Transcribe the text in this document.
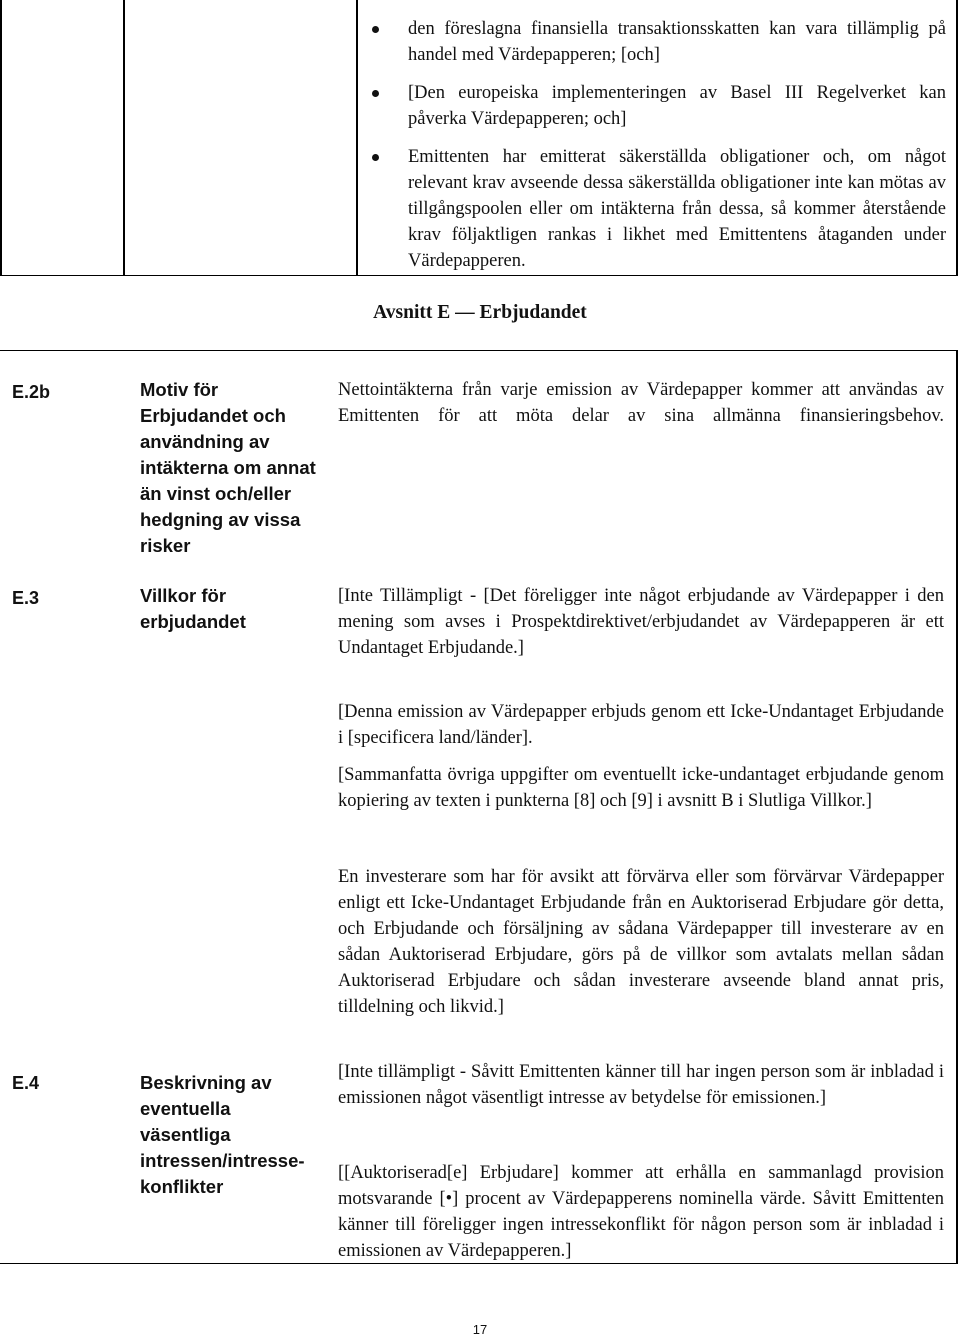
den föreslagna finansiella transaktionsskatten kan vara tillämplig på handel med Värdepapperen; [och]
[Den europeiska implementeringen av Basel III Regelverket kan påverka Värdepapperen; och]
Emittenten har emitterat säkerställda obligationer och, om något relevant krav avseende dessa säkerställda obligationer inte kan mötas av tillgångspoolen eller om intäkterna från dessa, så kommer återstående krav följaktligen rankas i likhet med Emittentens åtaganden under Värdepapperen.
Avsnitt E — Erbjudandet
E.2b	Motiv för Erbjudandet och användning av intäkterna om annat än vinst och/eller hedgning av vissa risker
Nettointäkterna från varje emission av Värdepapper kommer att användas av Emittenten för att möta delar av sina allmänna finansieringsbehov.
E.3	Villkor för erbjudandet
[Inte Tillämpligt - [Det föreligger inte något erbjudande av Värdepapper i den mening som avses i Prospektdirektivet/erbjudandet av Värdepapperen är ett Undantaget Erbjudande.]
[Denna emission av Värdepapper erbjuds genom ett Icke-Undantaget Erbjudande i [specificera land/länder].
[Sammanfatta övriga uppgifter om eventuellt icke-undantaget erbjudande genom kopiering av texten i punkterna [8] och [9] i avsnitt B i Slutliga Villkor.]
En investerare som har för avsikt att förvärva eller som förvärvar Värdepapper enligt ett Icke-Undantaget Erbjudande från en Auktoriserad Erbjudare gör detta, och Erbjudande och försäljning av sådana Värdepapper till investerare av en sådan Auktoriserad Erbjudare, görs på de villkor som avtalats mellan sådan Auktoriserad Erbjudare och sådan investerare avseende bland annat pris, tilldelning och likvid.]
E.4	Beskrivning av eventuella väsentliga intressen/intresse-konflikter
[Inte tillämpligt - Såvitt Emittenten känner till har ingen person som är inbladad i emissionen något väsentligt intresse av betydelse för emissionen.]
[[Auktoriserad[e] Erbjudare] kommer att erhålla en sammanlagd provision motsvarande [•] procent av Värdepapperens nominella värde. Såvitt Emittenten känner till föreligger ingen intressekonflikt för någon person som är inbladad i emissionen av Värdepapperen.]
17
